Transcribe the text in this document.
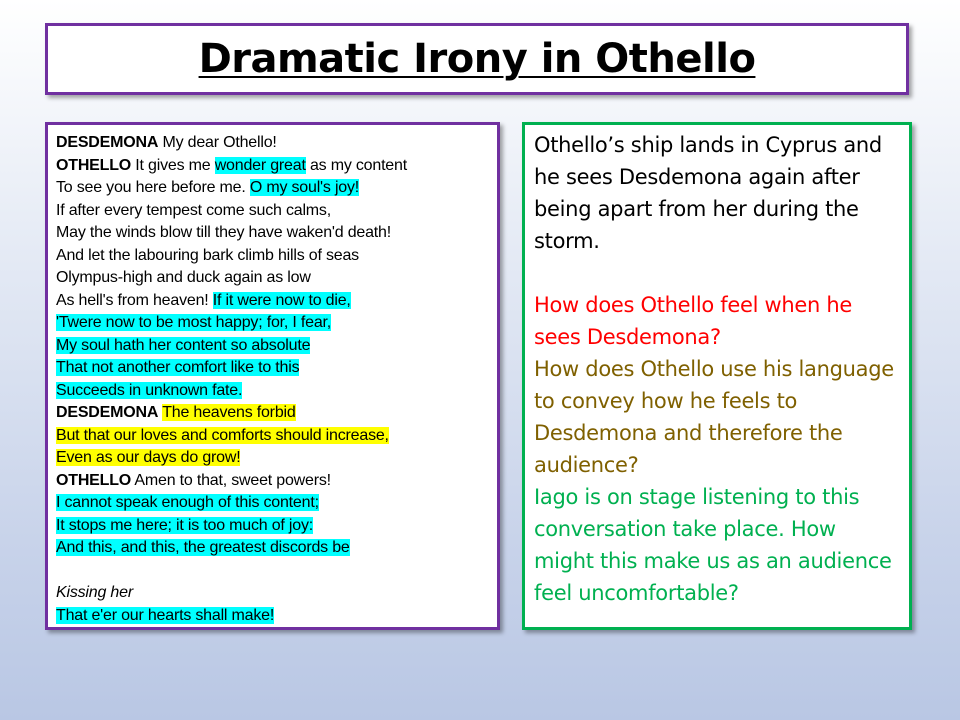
Dramatic Irony in Othello
DESDEMONA My dear Othello!
OTHELLO It gives me wonder great as my content
To see you here before me. O my soul's joy!
If after every tempest come such calms,
May the winds blow till they have waken'd death!
And let the labouring bark climb hills of seas
Olympus-high and duck again as low
As hell's from heaven! If it were now to die,
'Twere now to be most happy; for, I fear,
My soul hath her content so absolute
That not another comfort like to this
Succeeds in unknown fate.
DESDEMONA The heavens forbid
But that our loves and comforts should increase,
Even as our days do grow!
OTHELLO Amen to that, sweet powers!
I cannot speak enough of this content;
It stops me here; it is too much of joy:
And this, and this, the greatest discords be

Kissing her
That e'er our hearts shall make!

Othello’s ship lands in Cyprus and he sees Desdemona again after being apart from her during the storm.

How does Othello feel when he sees Desdemona?

How does Othello use his language to convey how he feels to Desdemona and therefore the audience?

Iago is on stage listening to this conversation take place. How might this make us as an audience feel uncomfortable?
